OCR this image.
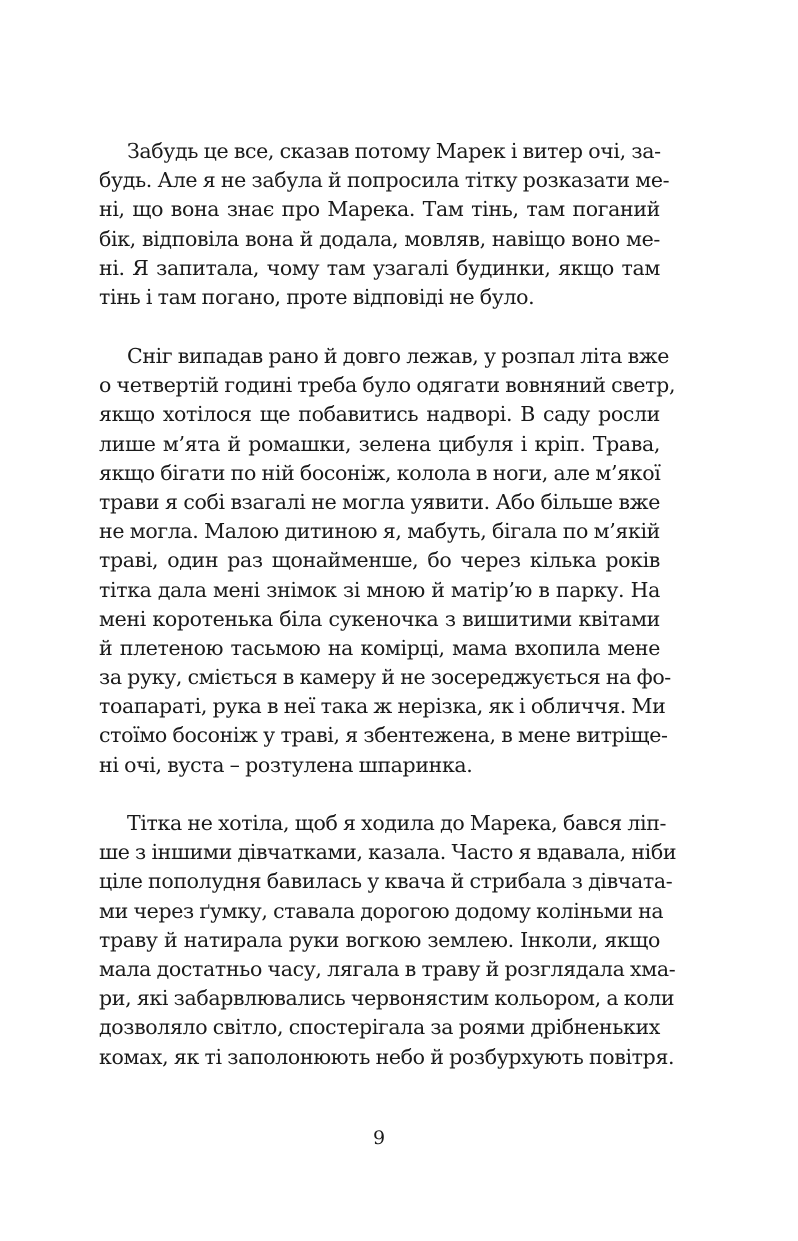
Забудь це все, сказав потому Марек і витер очі, за-
будь. Але я не забула й попросила тітку розказати ме-
ні, що вона знає про Марека. Там тінь, там поганий
бік, відповіла вона й додала, мовляв, навіщо воно ме-
ні. Я запитала, чому там узагалі будинки, якщо там
тінь і там погано, проте відповіді не було.
Сніг випадав рано й довго лежав, у розпал літа вже
о четвертій годині треба було одягати вовняний светр,
якщо хотілося ще побавитись надворі. В саду росли
лише м’ята й ромашки, зелена цибуля і кріп. Трава,
якщо бігати по ній босоніж, колола в ноги, але м’якої
трави я собі взагалі не могла уявити. Або більше вже
не могла. Малою дитиною я, мабуть, бігала по м’якій
траві, один раз щонайменше, бо через кілька років
тітка дала мені знімок зі мною й матір’ю в парку. На
мені коротенька біла сукеночка з вишитими квітами
й плетеною тасьмою на комірці, мама вхопила мене
за руку, сміється в камеру й не зосереджується на фо-
тоапараті, рука в неї така ж нерізка, як і обличчя. Ми
стоїмо босоніж у траві, я збентежена, в мене витріще-
ні очі, вуста – розтулена шпаринка.
Тітка не хотіла, щоб я ходила до Марека, бався ліп-
ше з іншими дівчатками, казала. Часто я вдавала, ніби
ціле пополудня бавилась у квача й стрибала з дівчата-
ми через ґумку, ставала дорогою додому коліньми на
траву й натирала руки вогкою землею. Інколи, якщо
мала достатньо часу, лягала в траву й розглядала хма-
ри, які забарвлювались червонястим кольором, а коли
дозволяло світло, спостерігала за роями дрібненьких
комах, як ті заполонюють небо й розбурхують повітря.
9
